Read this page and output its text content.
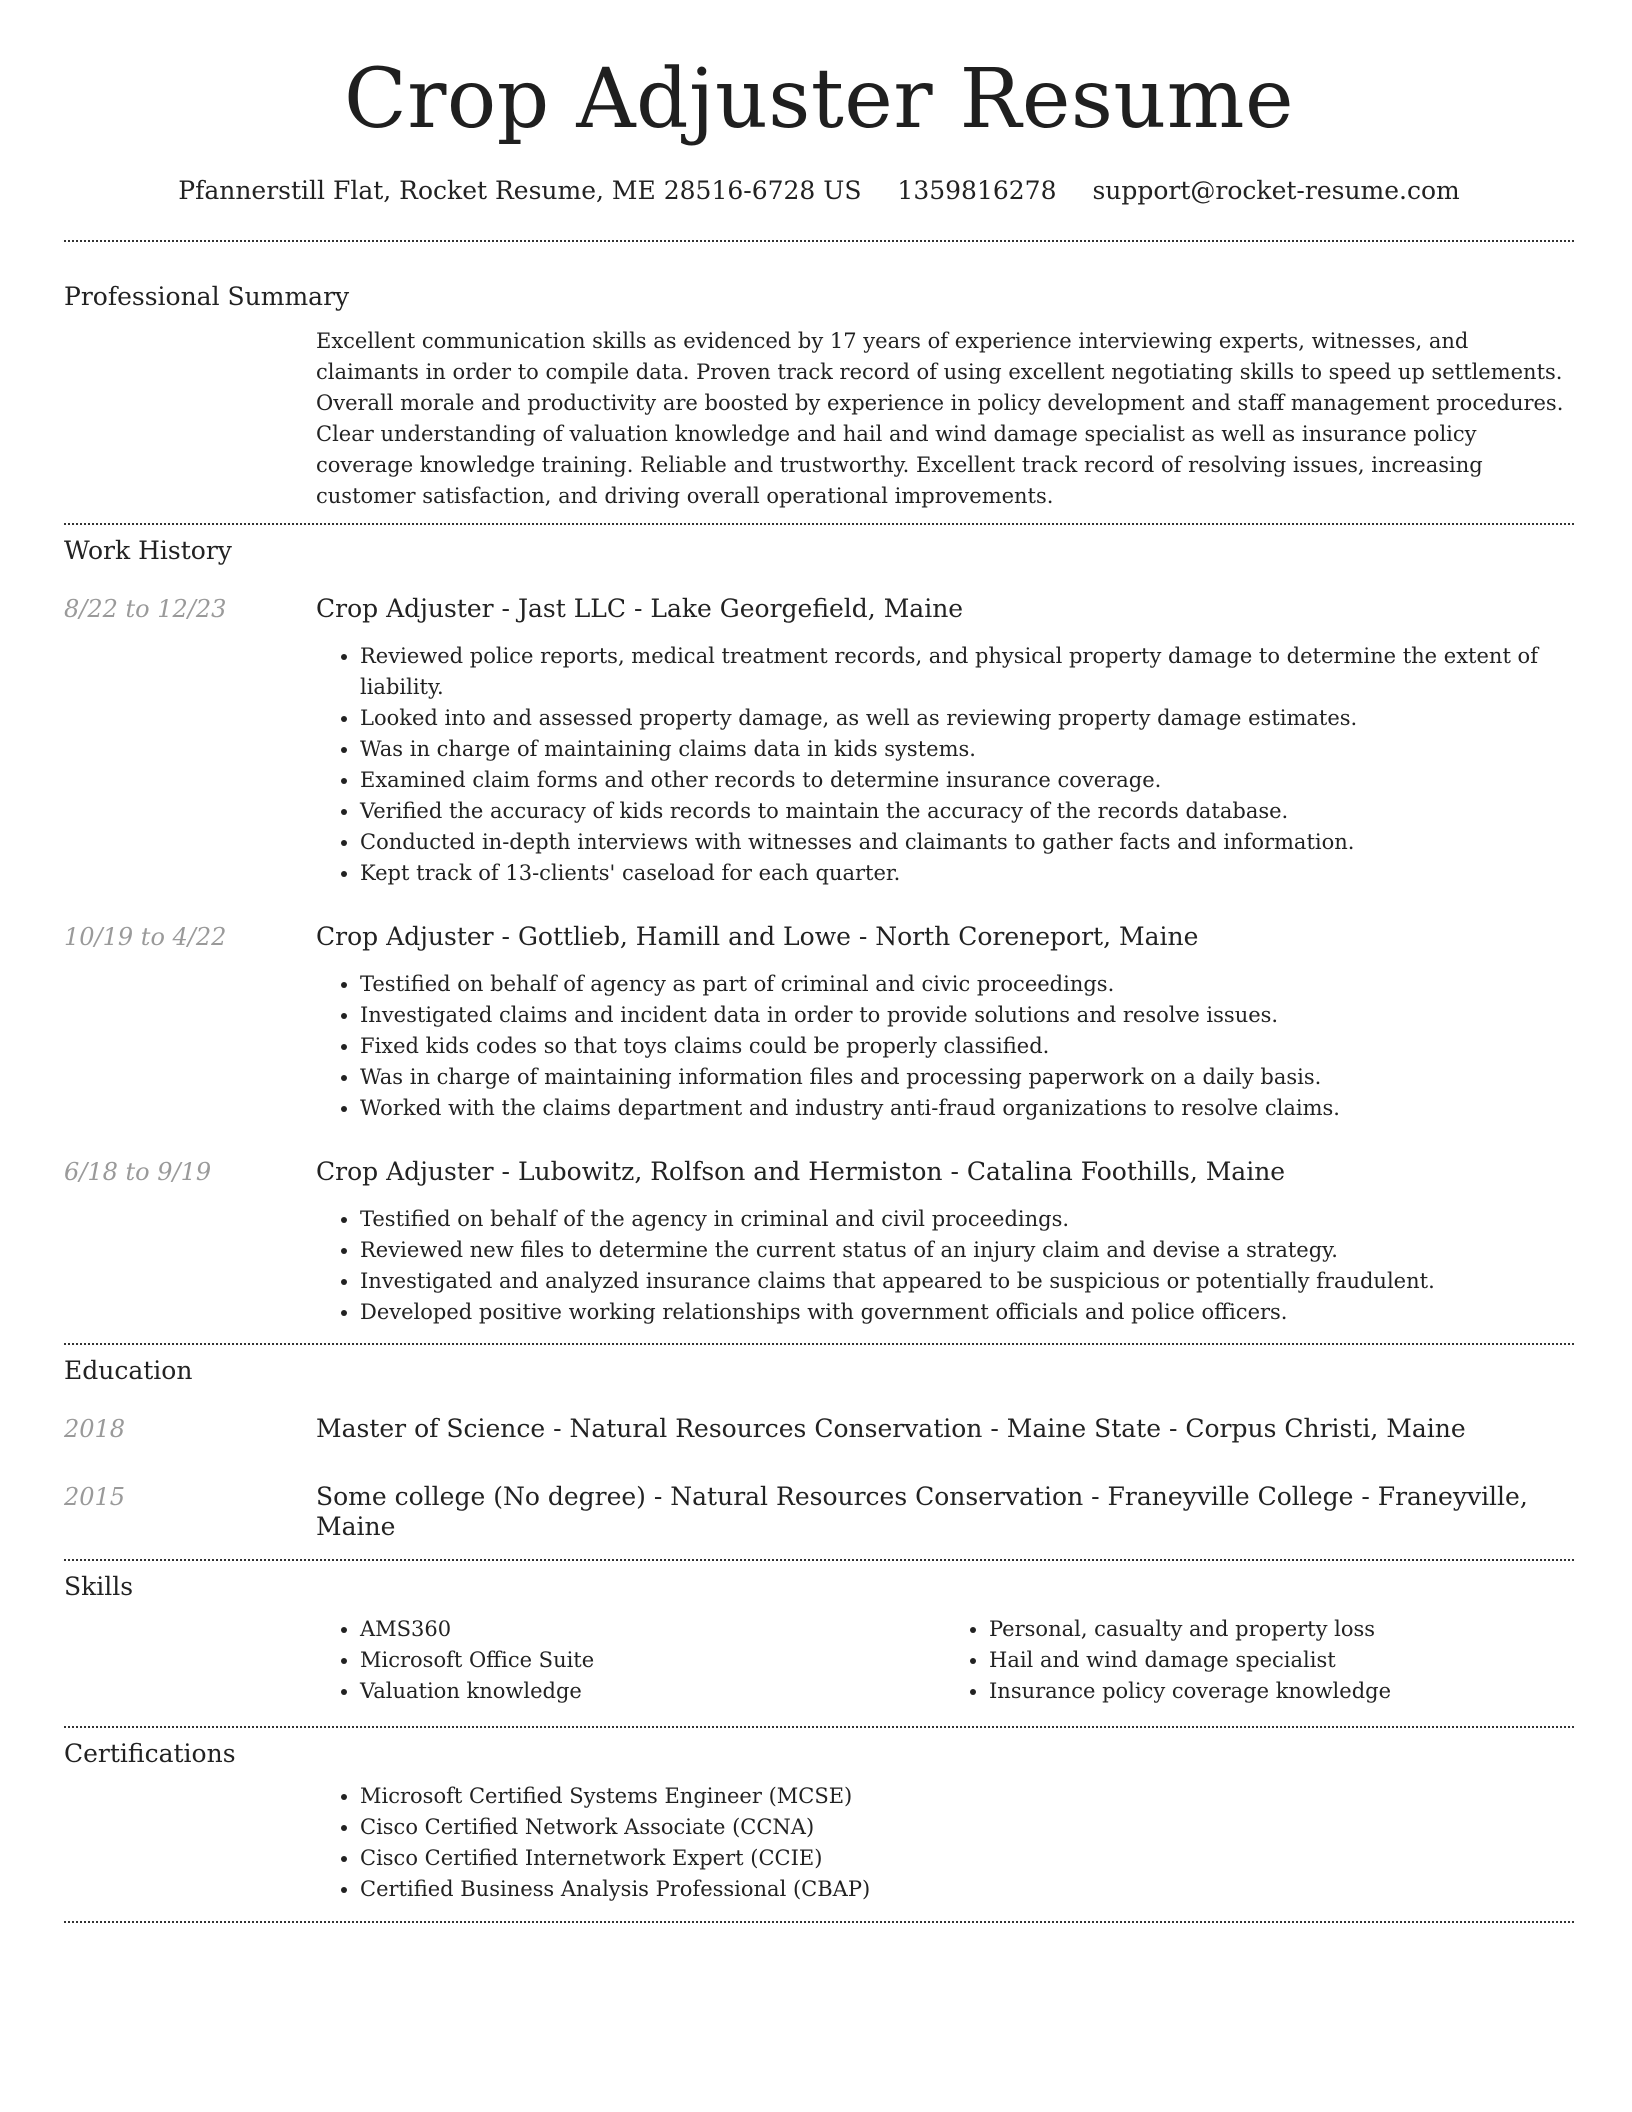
Crop Adjuster Resume
Pfannerstill Flat, Rocket Resume, ME 28516-6728 US 1359816278 support@rocket-resume.com
Professional Summary

Excellent communication skills as evidenced by 17 years of experience interviewing experts, witnesses, and claimants in order to compile data. Proven track record of using excellent negotiating skills to speed up settlements. Overall morale and productivity are boosted by experience in policy development and staff management procedures. Clear understanding of valuation knowledge and hail and wind damage specialist as well as insurance policy coverage knowledge training. Reliable and trustworthy. Excellent track record of resolving issues, increasing customer satisfaction, and driving overall operational improvements.

Work History
8/22 to 12/23	Crop Adjuster - Jast LLC - Lake Georgefield, Maine
• Reviewed police reports, medical treatment records, and physical property damage to determine the extent of liability.
• Looked into and assessed property damage, as well as reviewing property damage estimates.
• Was in charge of maintaining claims data in kids systems.
• Examined claim forms and other records to determine insurance coverage.
• Verified the accuracy of kids records to maintain the accuracy of the records database.
• Conducted in-depth interviews with witnesses and claimants to gather facts and information.
• Kept track of 13-clients' caseload for each quarter.
10/19 to 4/22	Crop Adjuster - Gottlieb, Hamill and Lowe - North Coreneport, Maine
• Testified on behalf of agency as part of criminal and civic proceedings.
• Investigated claims and incident data in order to provide solutions and resolve issues.
• Fixed kids codes so that toys claims could be properly classified.
• Was in charge of maintaining information files and processing paperwork on a daily basis.
• Worked with the claims department and industry anti-fraud organizations to resolve claims.
6/18 to 9/19	Crop Adjuster - Lubowitz, Rolfson and Hermiston - Catalina Foothills, Maine
• Testified on behalf of the agency in criminal and civil proceedings.
• Reviewed new files to determine the current status of an injury claim and devise a strategy.
• Investigated and analyzed insurance claims that appeared to be suspicious or potentially fraudulent.
• Developed positive working relationships with government officials and police officers.
Education
2018	Master of Science - Natural Resources Conservation - Maine State - Corpus Christi, Maine
2015	Some college (No degree) - Natural Resources Conservation - Franeyville College - Franeyville, Maine
Skills
• AMS360
• Microsoft Office Suite
• Valuation knowledge
• Personal, casualty and property loss
• Hail and wind damage specialist
• Insurance policy coverage knowledge
Certifications
• Microsoft Certified Systems Engineer (MCSE)
• Cisco Certified Network Associate (CCNA)
• Cisco Certified Internetwork Expert (CCIE)
• Certified Business Analysis Professional (CBAP)
